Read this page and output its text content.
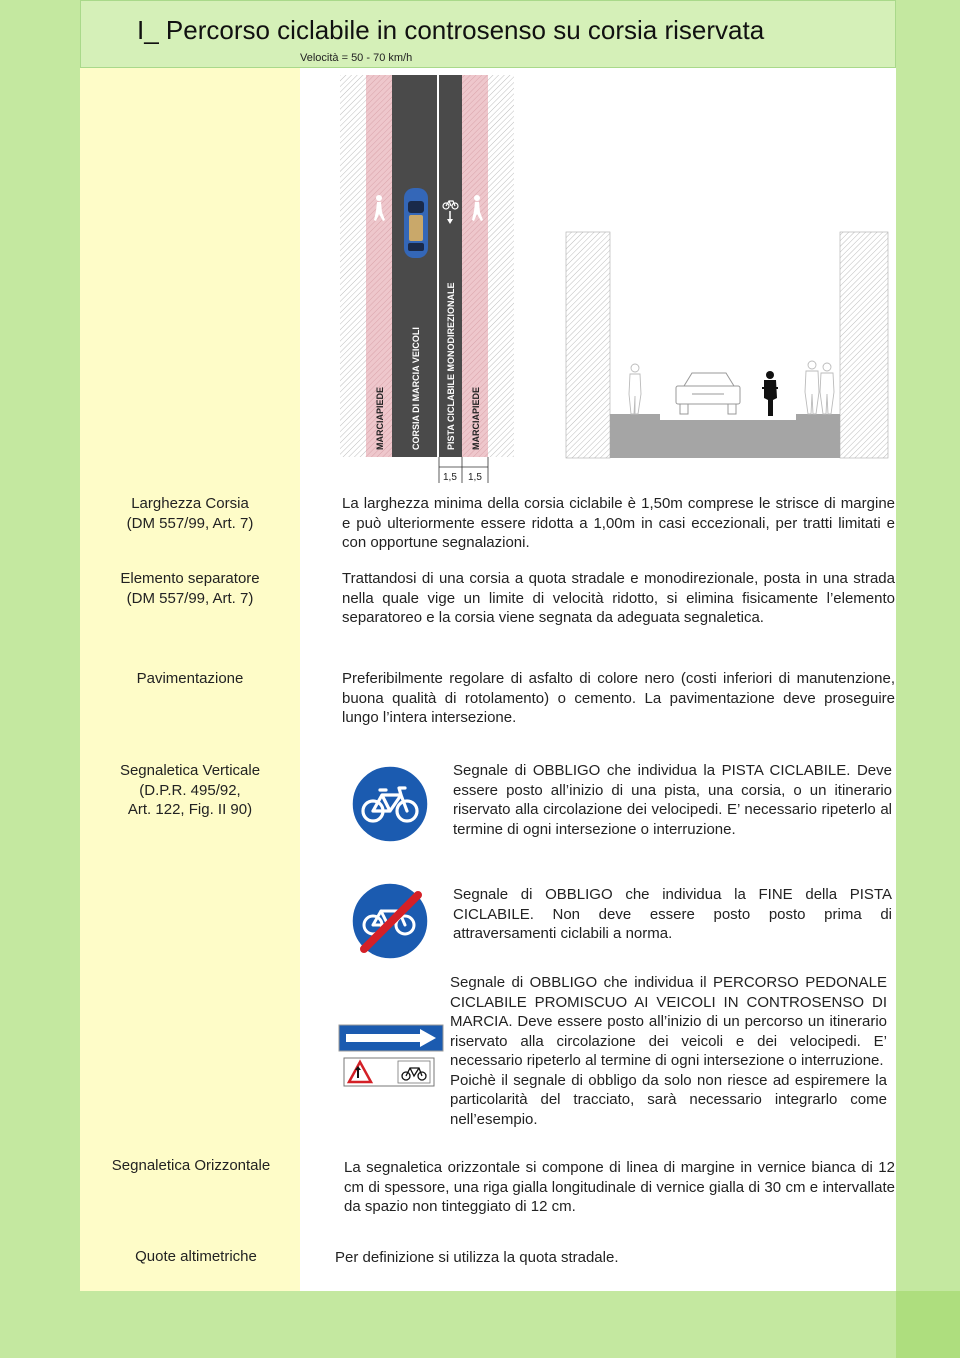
I_ Percorso ciclabile in controsenso su corsia riservata
Velocità = 50 - 70 km/h
MARCIAPIEDE	CORSIA DI MARCIA VEICOLI	PISTA CICLABILE MONODIREZIONALE MARCIAPIEDE
1,5 1,5
Larghezza Corsia
(DM 557/99, Art. 7)
Elemento separatore
(DM 557/99, Art. 7)
Pavimentazione
Segnaletica Verticale
(D.P.R. 495/92,
Art. 122, Fig. II 90)
Segnaletica Orizzontale
Quote altimetriche
La larghezza minima della corsia ciclabile è 1,50m comprese le strisce di margine e può ulteriormente essere ridotta a 1,00m in casi eccezionali, per tratti limitati e con opportune segnalazioni.
Trattandosi di una corsia a quota stradale e monodirezionale, posta in una strada nella quale vige un limite di velocità ridotto, si elimina fisicamente l’elemento separatoreo e la corsia viene segnata da adeguata segnaletica.
Preferibilmente regolare di asfalto di colore nero (costi inferiori di manutenzione, buona qualità di rotolamento) o cemento. La pavimentazione deve proseguire lungo l’intera intersezione.
La segnaletica orizzontale si compone di linea di margine in vernice bianca di 12 cm di spessore, una riga gialla longitudinale di vernice gialla di 30 cm e intervallate da spazio non tinteggiato di 12 cm.
Per definizione si utilizza la quota stradale.
Segnale di OBBLIGO che individua la PISTA CICLABILE. Deve essere posto all’inizio di una pista, una corsia, o un itinerario riservato alla circolazione dei velocipedi. E’ necessario ripeterlo al termine di ogni intersezione o interruzione.
Segnale di OBBLIGO che individua la FINE della PISTA CICLABILE. Non deve essere posto posto prima di attraversamenti ciclabili a norma.
Segnale di OBBLIGO che individua il PERCORSO PEDONALE CICLABILE PROMISCUO AI VEICOLI IN CONTROSENSO DI MARCIA. Deve essere posto all’inizio di un percorso un itinerario riservato alla circolazione dei veicoli e dei velocipedi. E’ necessario ripeterlo al termine di ogni intersezione o interruzione.
Poichè il segnale di obbligo da solo non riesce ad espiremere la particolarità del tracciato, sarà necessario integrarlo come nell’esempio.
